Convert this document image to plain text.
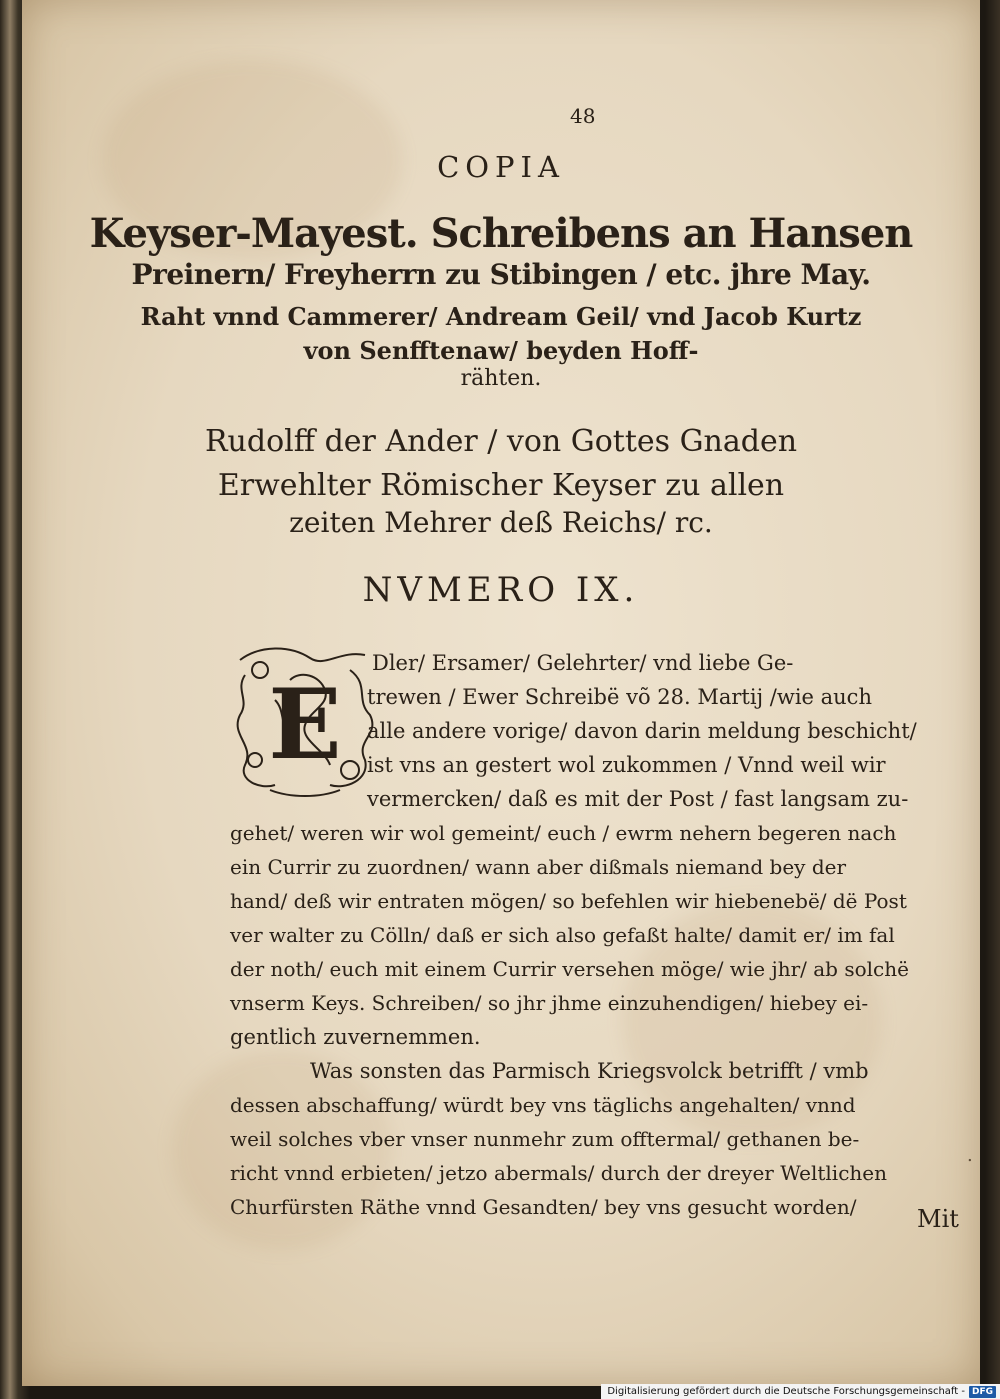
48
COPIA
Keyser-Mayest. Schreibens an Hansen
Preinern/ Freyherrn zu Stibingen / etc. jhre May.
Raht vnnd Cammerer/ Andream Geil/ vnd Jacob Kurtz
von Senfftenaw/ beyden Hoff-
rähten.
Rudolff der Ander / von Gottes Gnaden
Erwehlter Römischer Keyser zu allen
zeiten Mehrer deß Reichs/ rc.
NVMERO IX.
E
Dler/ Ersamer/ Gelehrter/ vnd liebe Ge-
trewen / Ewer Schreibë võ 28. Martij /wie auch
alle andere vorige/ davon darin meldung beschicht/
ist vns an gestert wol zukommen / Vnnd weil wir
vermercken/ daß es mit der Post / fast langsam zu-
gehet/ weren wir wol gemeint/ euch / ewrm nehern begeren nach
ein Currir zu zuordnen/ wann aber dißmals niemand bey der
hand/ deß wir entraten mögen/ so befehlen wir hiebenebë/ dë Post
ver walter zu Cölln/ daß er sich also gefaßt halte/ damit er/ im fal
der noth/ euch mit einem Currir versehen möge/ wie jhr/ ab solchë
vnserm Keys. Schreiben/ so jhr jhme einzuhendigen/ hiebey ei-
gentlich zuvernemmen.
Was sonsten das Parmisch Kriegsvolck betrifft / vmb
dessen abschaffung/ würdt bey vns täglichs angehalten/ vnnd
weil solches vber vnser nunmehr zum offtermal/ gethanen be-
richt vnnd erbieten/ jetzo abermals/ durch der dreyer Weltlichen
Churfürsten Räthe vnnd Gesandten/ bey vns gesucht worden/	Mit
.
Digitalisierung gefördert durch die Deutsche Forschungsgemeinschaft - DFG
